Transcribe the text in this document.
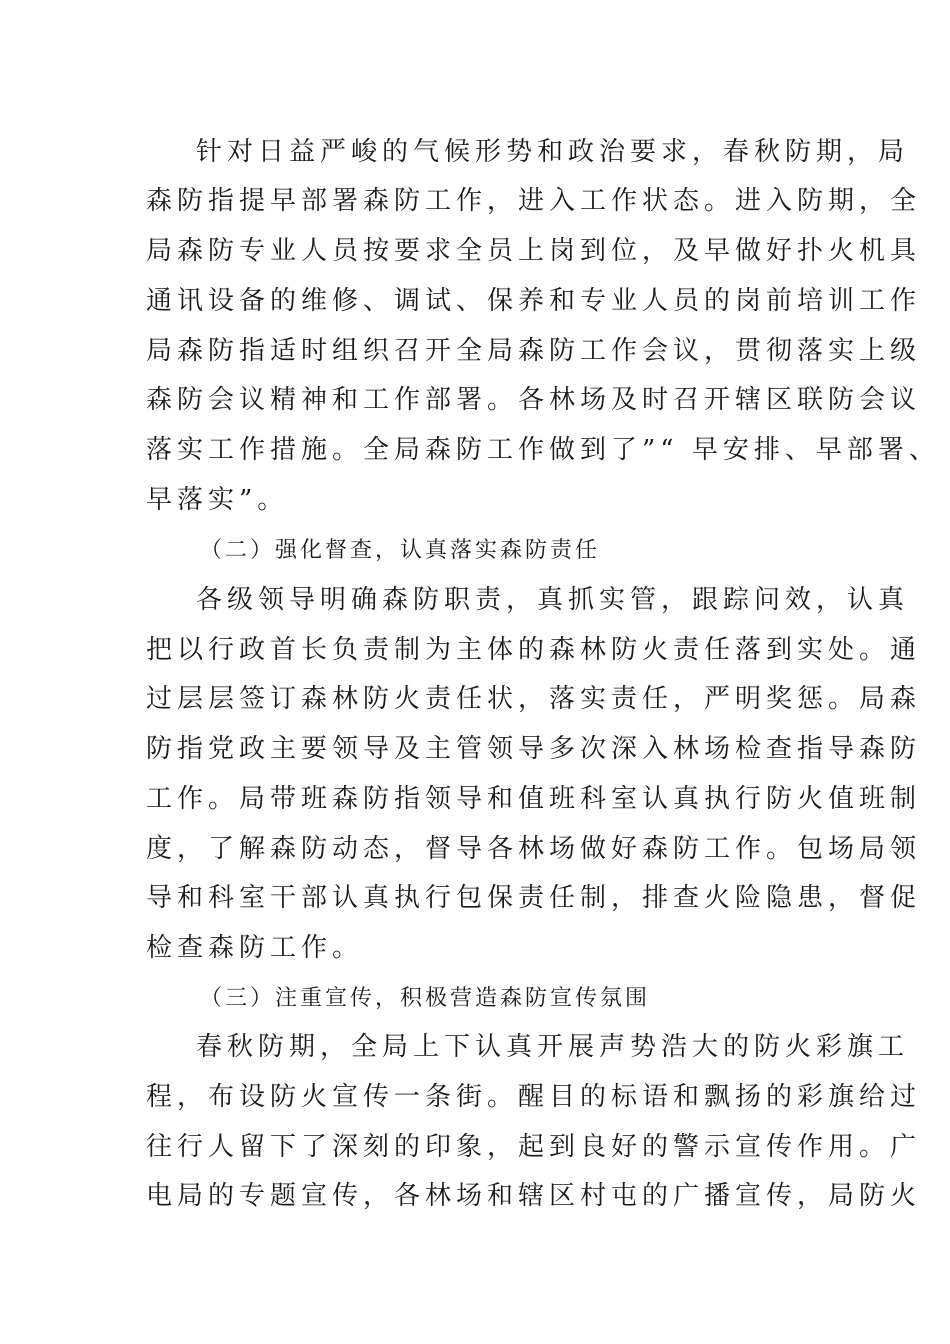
针对日益严峻的气候形势和政治要求，春秋防期，局
森防指提早部署森防工作，进入工作状态。进入防期，全
局森防专业人员按要求全员上岗到位，及早做好扑火机具
通讯设备的维修、调试、保养和专业人员的岗前培训工作
局森防指适时组织召开全局森防工作会议，贯彻落实上级
森防会议精神和工作部署。各林场及时召开辖区联防会议
落实工作措施。全局森防工作做到了”“ 早安排、早部署、
早落实”。
（二）强化督查，认真落实森防责任
各级领导明确森防职责，真抓实管，跟踪问效，认真
把以行政首长负责制为主体的森林防火责任落到实处。通
过层层签订森林防火责任状，落实责任，严明奖惩。局森
防指党政主要领导及主管领导多次深入林场检查指导森防
工作。局带班森防指领导和值班科室认真执行防火值班制
度，了解森防动态，督导各林场做好森防工作。包场局领
导和科室干部认真执行包保责任制，排查火险隐患，督促
检查森防工作。
（三）注重宣传，积极营造森防宣传氛围
春秋防期，全局上下认真开展声势浩大的防火彩旗工
程，布设防火宣传一条街。醒目的标语和飘扬的彩旗给过
往行人留下了深刻的印象，起到良好的警示宣传作用。广
电局的专题宣传，各林场和辖区村屯的广播宣传，局防火
